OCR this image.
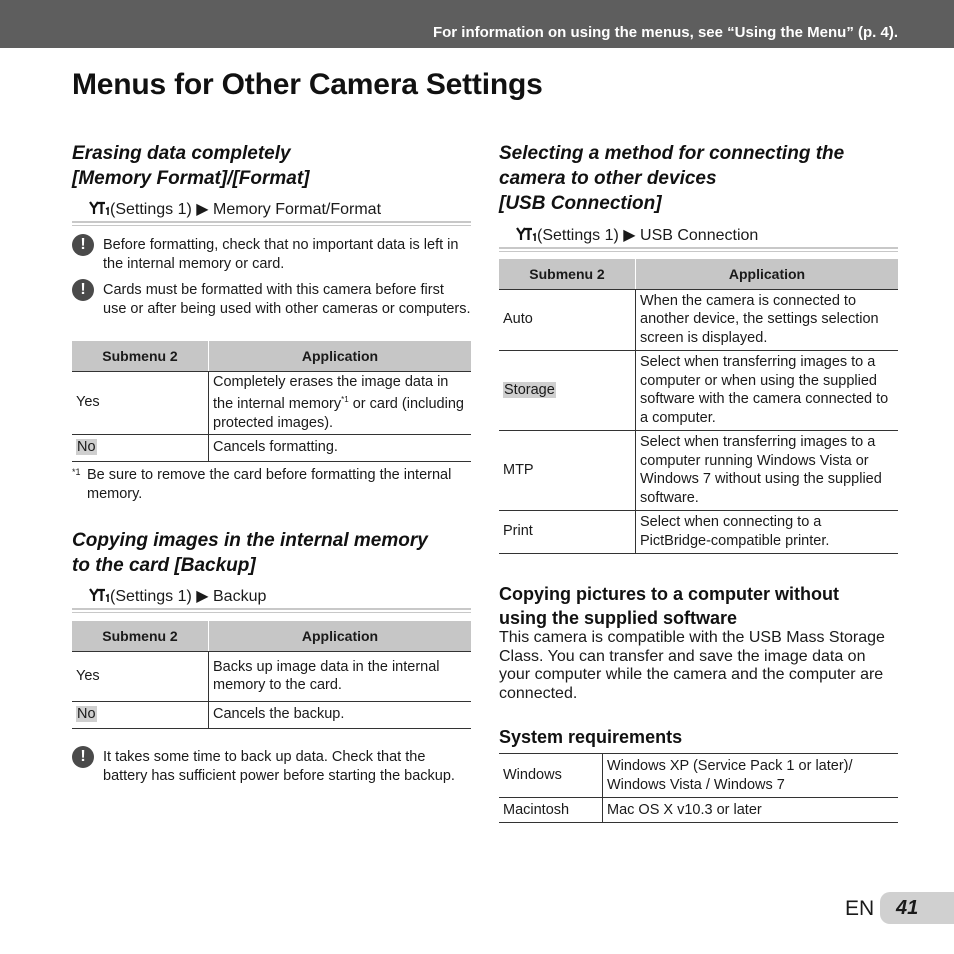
For information on using the menus, see “Using the Menu” (p. 4).
Menus for Other Camera Settings
Erasing data completely
[Memory Format]/[Format]
(Settings 1) ▶ Memory Format/Format
!	Before formatting, check that no important data is left in the internal memory or card.
!	Cards must be formatted with this camera before first use or after being used with other cameras or computers.
Submenu 2	Application
Yes	Completely erases the image data in the internal memory$^{*1}$ or card (including protected images).
No	Cancels formatting.
*1 Be sure to remove the card before formatting the internal memory.
Copying images in the internal memory
to the card [Backup]
(Settings 1) ▶ Backup
Submenu 2	Application
Yes	Backs up image data in the internal memory to the card.
No	Cancels the backup.
!	It takes some time to back up data. Check that the battery has sufficient power before starting the backup.
Selecting a method for connecting the
camera to other devices
[USB Connection]
(Settings 1) ▶ USB Connection
Submenu 2	Application
Auto	When the camera is connected to another device, the settings selection screen is displayed.
Storage	Select when transferring images to a computer or when using the supplied software with the camera connected to a computer.
MTP	Select when transferring images to a computer running Windows Vista or Windows 7 without using the supplied software.
Print	Select when connecting to a PictBridge-compatible printer.
Copying pictures to a computer without
using the supplied software

This camera is compatible with the USB Mass Storage Class. You can transfer and save the image data on your computer while the camera and the computer are connected.

System requirements
Windows	Windows XP (Service Pack 1 or later)/ Windows Vista / Windows 7
Macintosh	Mac OS X v10.3 or later
EN 41
